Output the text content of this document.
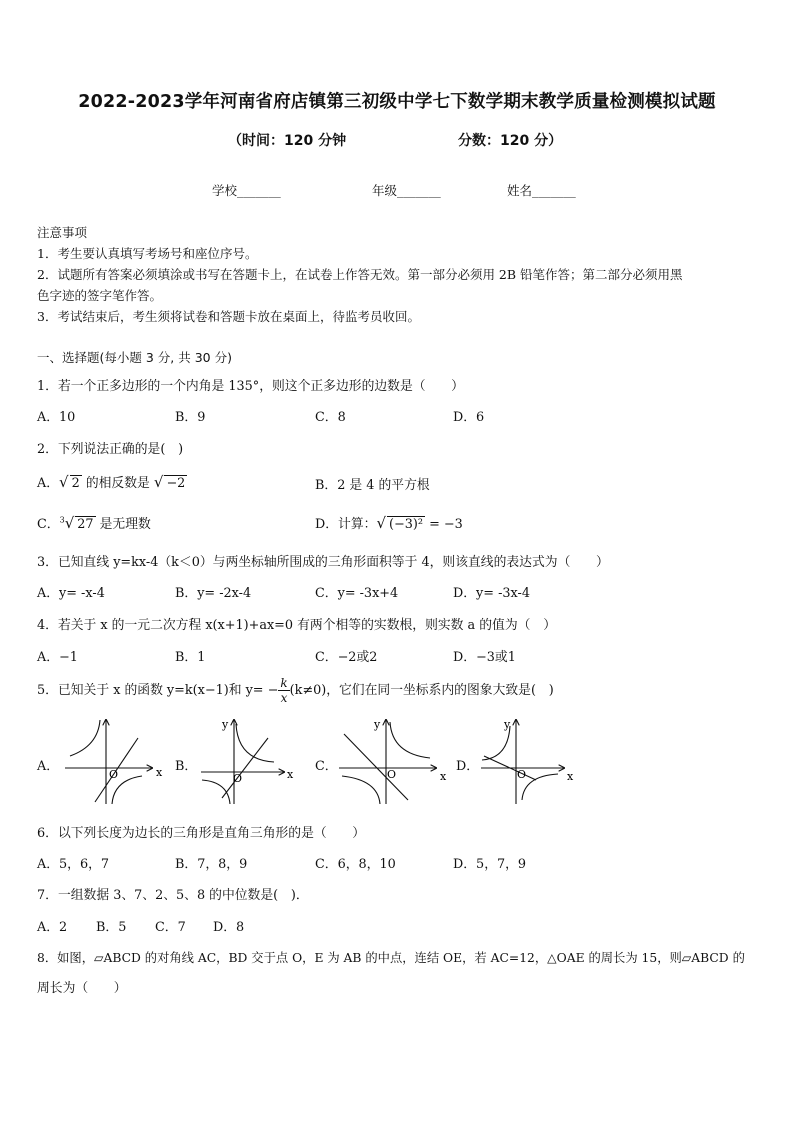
2022-2023学年河南省府店镇第三初级中学七下数学期末教学质量检测模拟试题
（时间：120 分钟	分数：120 分）
学校_______	年级_______	姓名_______
注意事项
1．考生要认真填写考场号和座位序号。
2．试题所有答案必须填涂或书写在答题卡上，在试卷上作答无效。第一部分必须用 2B 铅笔作答；第二部分必须用黑
色字迹的签字笔作答。
3．考试结束后，考生须将试卷和答题卡放在桌面上，待监考员收回。
一、选择题(每小题 3 分, 共 30 分)
1．若一个正多边形的一个内角是 135°，则这个正多边形的边数是（　　）
A．10	B．9	C．8	D．6
2．下列说法正确的是(　)
A．√ 2 的相反数是 √ −2	B．2 是 4 的平方根
C．$^3$√ 27 是无理数	D．计算：√ (−3)² = −3
3．已知直线 y=kx-4（k＜0）与两坐标轴所围成的三角形面积等于 4，则该直线的表达式为（　　）
A．y= -x-4	B．y= -2x-4	C．y= -3x+4	D．y= -3x-4
4．若关于 x 的一元二次方程 x(x+1)+ax=0 有两个相等的实数根，则实数 a 的值为（　）
A．−1	B．1	C．−2或2	D．−3或1
5．已知关于 x 的函数 y=k(x−1)和 $y= - \frac{k}{x} (k\ne 0)$，它们在同一坐标系内的图象大致是(　)
A．
O	x B．
y
O	x
C．
y
O	x
D．
y
O	x
6．以下列长度为边长的三角形是直角三角形的是（　　）
A．5，6，7	B．7，8，9	C．6，8，10	D．5，7，9
7．一组数据 3、7、2、5、8 的中位数是(　)．
A．2 B．5 C．7 D．8
8．如图，▱ABCD 的对角线 AC，BD 交于点 O，E 为 AB 的中点，连结 OE，若 AC=12，△OAE 的周长为 15，则▱ABCD 的
周长为（　　）
